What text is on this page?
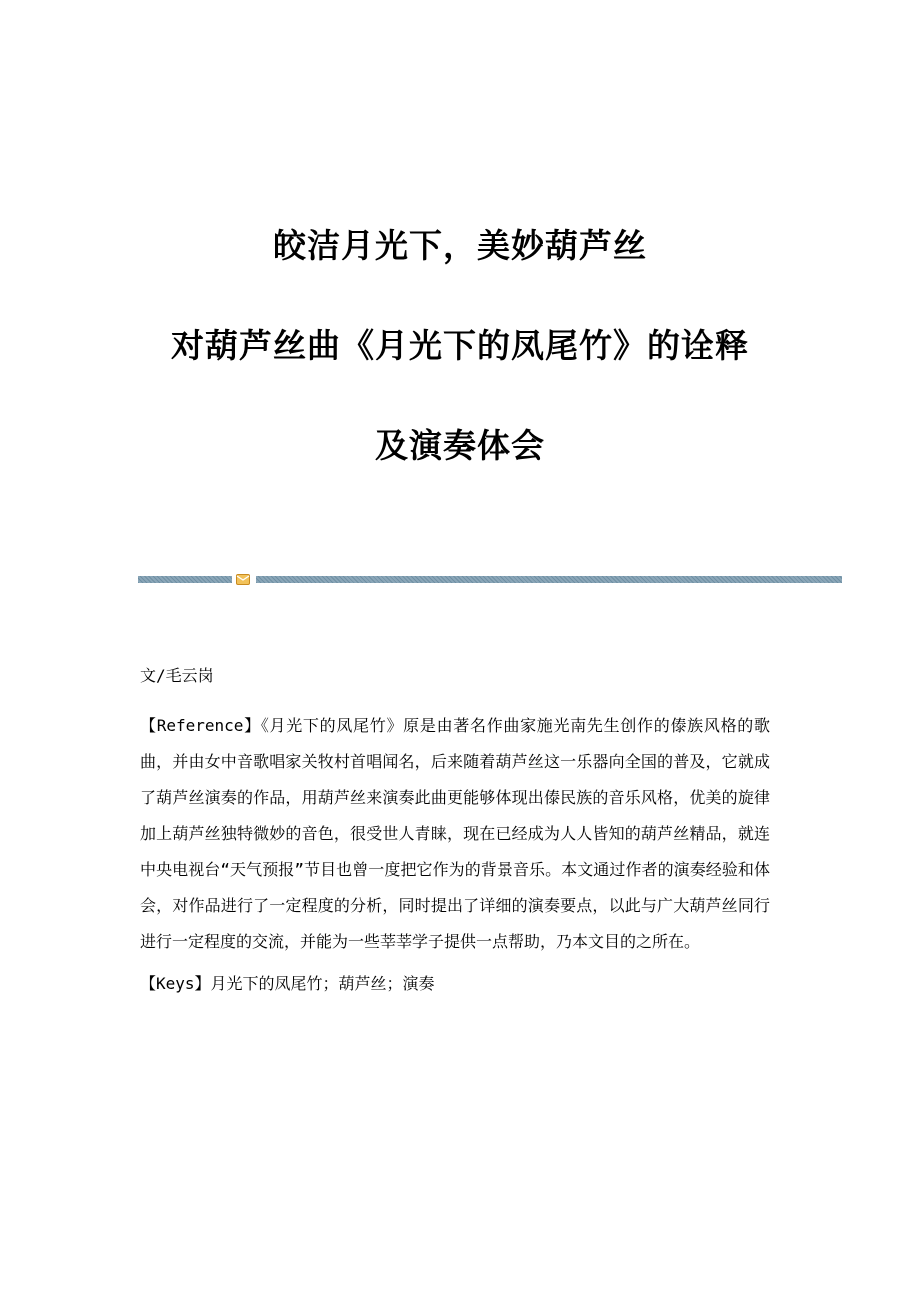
皎洁月光下，美妙葫芦丝
对葫芦丝曲《月光下的凤尾竹》的诠释
及演奏体会
文/毛云岗
【Reference】《月光下的凤尾竹》原是由著名作曲家施光南先生创作的傣族风格的歌曲，并由女中音歌唱家关牧村首唱闻名，后来随着葫芦丝这一乐器向全国的普及，它就成了葫芦丝演奏的作品，用葫芦丝来演奏此曲更能够体现出傣民族的音乐风格，优美的旋律加上葫芦丝独特微妙的音色，很受世人青睐，现在已经成为人人皆知的葫芦丝精品，就连中央电视台“天气预报”节目也曾一度把它作为的背景音乐。本文通过作者的演奏经验和体会，对作品进行了一定程度的分析，同时提出了详细的演奏要点，以此与广大葫芦丝同行进行一定程度的交流，并能为一些莘莘学子提供一点帮助，乃本文目的之所在。
【Keys】月光下的凤尾竹；葫芦丝；演奏
